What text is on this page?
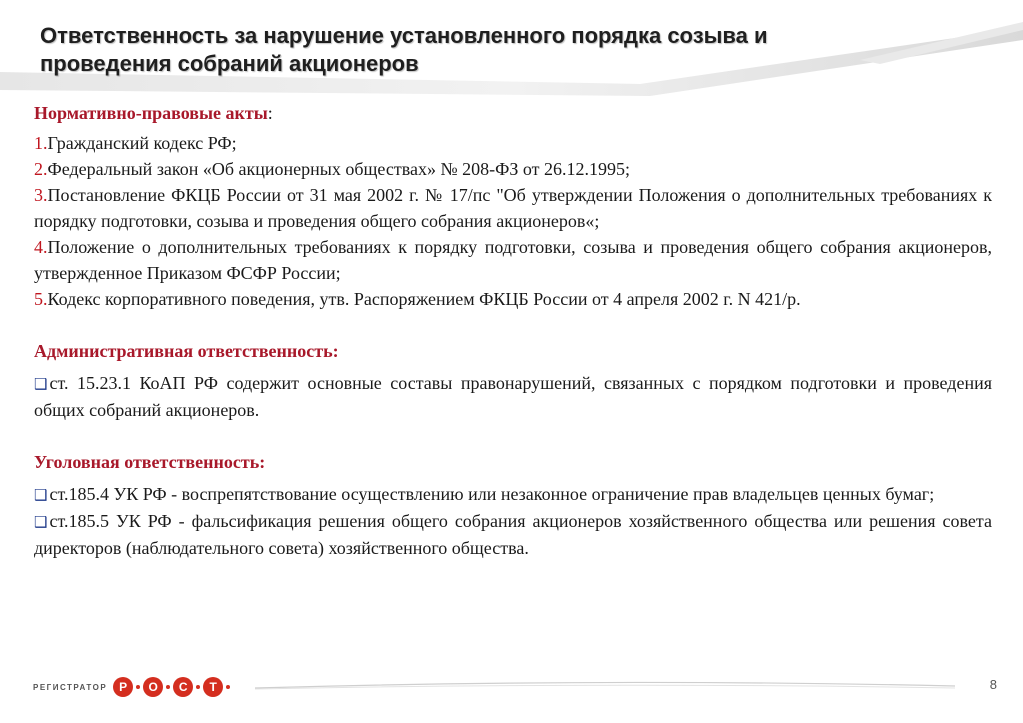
Ответственность за нарушение установленного порядка созыва и проведения собраний акционеров

Нормативно-правовые акты:

1.Гражданский кодекс РФ;

2.Федеральный закон «Об акционерных обществах» № 208-ФЗ от 26.12.1995;

3.Постановление ФКЦБ России от 31 мая 2002 г. № 17/пс "Об утверждении Положения о дополнительных требованиях к порядку подготовки, созыва и проведения общего собрания акционеров«;

4.Положение о дополнительных требованиях к порядку подготовки, созыва и проведения общего собрания акционеров, утвержденное Приказом ФСФР России;

5.Кодекс корпоративного поведения, утв. Распоряжением ФКЦБ России от 4 апреля 2002 г. N 421/р.

Административная ответственность:

❑ ст. 15.23.1 КоАП РФ содержит основные составы правонарушений, связанных с порядком подготовки и проведения общих собраний акционеров.

Уголовная ответственность:

❑ ст.185.4 УК РФ - воспрепятствование осуществлению или незаконное ограничение прав владельцев ценных бумаг;

❑ ст.185.5 УК РФ - фальсификация решения общего собрания акционеров хозяйственного общества или решения совета директоров (наблюдательного совета) хозяйственного общества.

РЕГИСТРАТОР Р	О	С	Т	8
